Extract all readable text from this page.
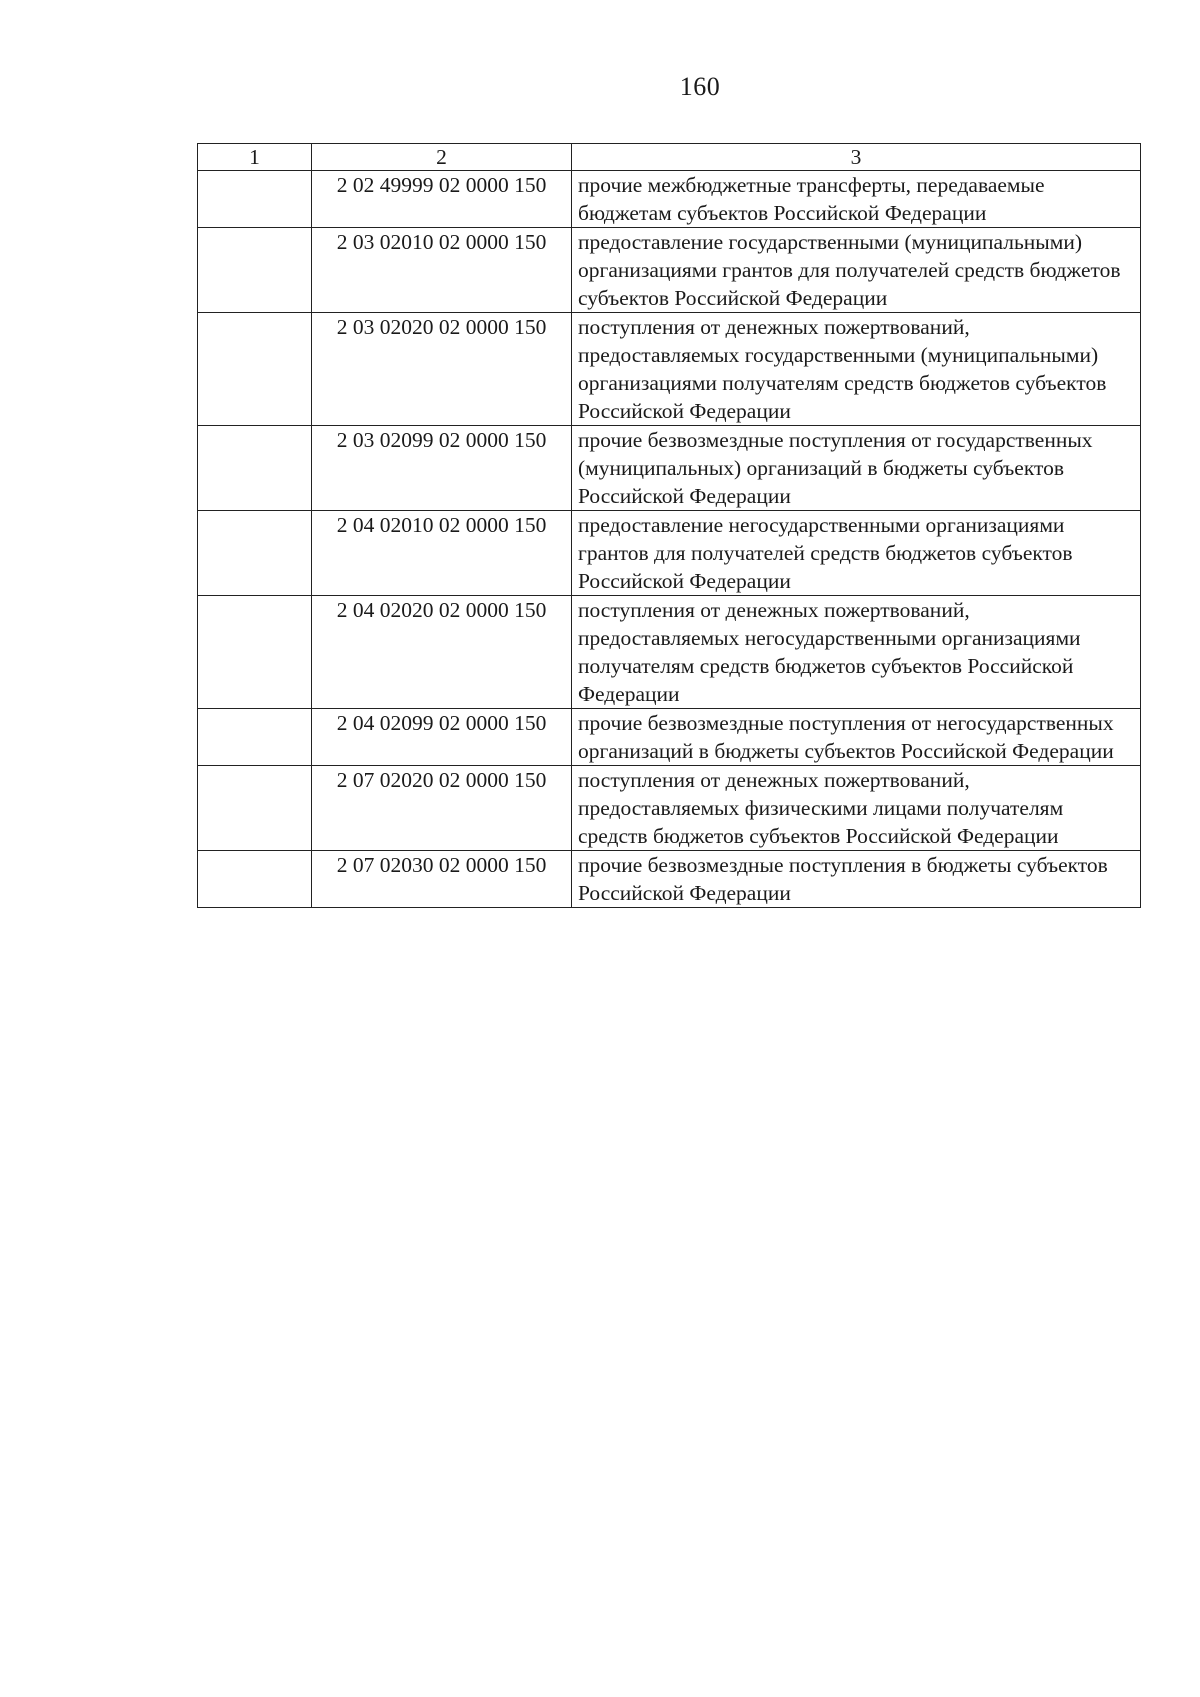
160
1	2	3
	2 02 49999 02 0000 150	прочие межбюджетные трансферты, передаваемые бюджетам субъектов Российской Федерации
	2 03 02010 02 0000 150	предоставление государственными (муниципальными) организациями грантов для получателей средств бюджетов субъектов Российской Федерации
	2 03 02020 02 0000 150	поступления от денежных пожертвований, предоставляемых государственными (муниципальными) организациями получателям средств бюджетов субъектов Российской Федерации
	2 03 02099 02 0000 150	прочие безвозмездные поступления от государственных (муниципальных) организаций в бюджеты субъектов Российской Федерации
	2 04 02010 02 0000 150	предоставление негосударственными организациями грантов для получателей средств бюджетов субъектов Российской Федерации
	2 04 02020 02 0000 150	поступления от денежных пожертвований, предоставляемых негосударственными организациями получателям средств бюджетов субъектов Российской Федерации
	2 04 02099 02 0000 150	прочие безвозмездные поступления от негосударственных организаций в бюджеты субъектов Российской Федерации
	2 07 02020 02 0000 150	поступления от денежных пожертвований, предоставляемых физическими лицами получателям средств бюджетов субъектов Российской Федерации
	2 07 02030 02 0000 150	прочие безвозмездные поступления в бюджеты субъектов Российской Федерации
